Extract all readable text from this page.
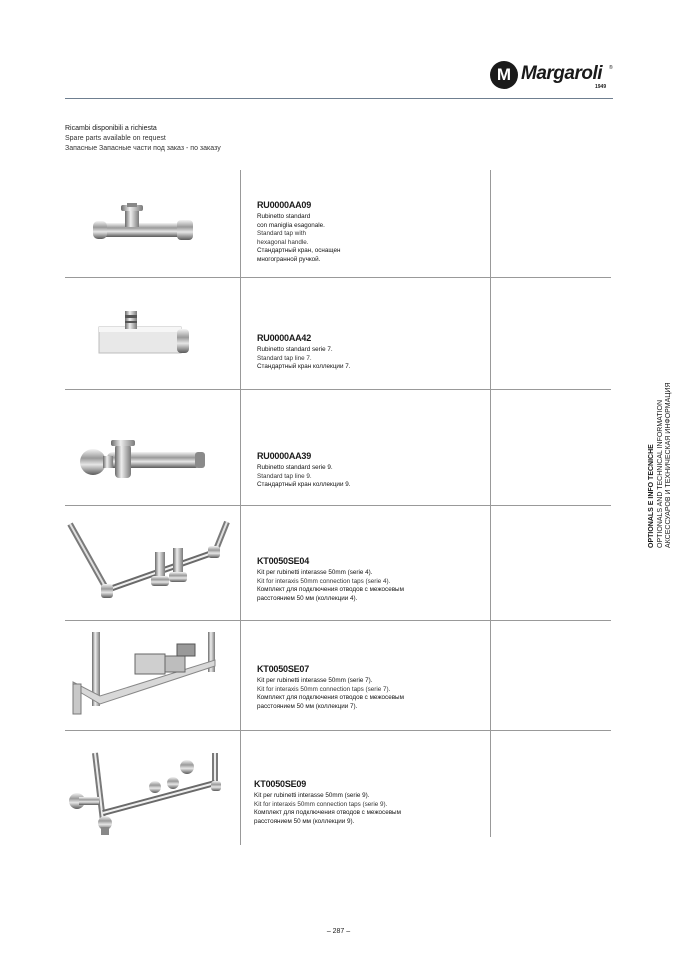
M Margaroli ®
1949
Ricambi disponibili a richiesta
Spare parts available on request
Запасные Запасные части под заказ - по заказу
RU0000AA09
Rubinetto standard
con maniglia esagonale.
Standard tap with
hexagonal handle.
Стандартный кран, оснащен
многогранной ручкой.
RU0000AA42
Rubinetto standard serie 7.
Standard tap line 7.
Стандартный кран коллекции 7.
RU0000AA39
Rubinetto standard serie 9.
Standard tap line 9.
Стандартный кран коллекции 9.
KT0050SE04
Kit per rubinetti interasse 50mm (serie 4).
Kit for interaxis 50mm connection taps (serie 4).
Комплект для подключения отводов с межосевым
расстоянием 50 мм (коллекции 4).
KT0050SE07
Kit per rubinetti interasse 50mm (serie 7).
Kit for interaxis 50mm connection taps (serie 7).
Комплект для подключения отводов с межосевым
расстоянием 50 мм (коллекции 7).
KT0050SE09
Kit per rubinetti interasse 50mm (serie 9).
Kit for interaxis 50mm connection taps (serie 9).
Комплект для подключения отводов с межосевым
расстоянием 50 мм (коллекции 9).
OPTIONALS E INFO TECNICHE OPTIONALS AND TECHNICAL INFORMATION АКСЕССУАРОВ И ТЕХНИЧЕСКАЯ ИНФОРМАЦИЯ
– 287 –
